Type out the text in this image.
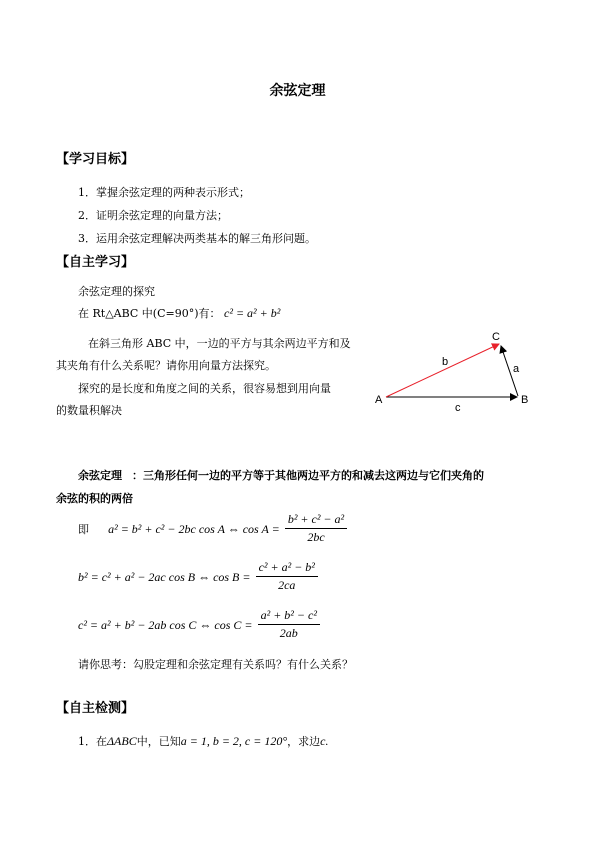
余弦定理
【学习目标】
1．掌握余弦定理的两种表示形式；
2．证明余弦定理的向量方法；
3．运用余弦定理解决两类基本的解三角形问题。
【自主学习】
余弦定理的探究
在 Rt△ABC 中(C=90°)有： c² = a² + b²
在斜三角形 ABC 中，一边的平方与其余两边平方和及
其夹角有什么关系呢？请你用向量方法探究。
探究的是长度和角度之间的关系，很容易想到用向量
的数量积解决
A	B
C
a
b
c
余弦定理 ：三角形任何一边的平方等于其他两边平方的和减去这两边与它们夹角的
余弦的积的两倍
即 a² = b² + c² − 2bc cos A ⇔ $\cos A = \frac{\text{b² + c² − a²}}{2bc}$
b² = c² + a² − 2ac cos B ⇔ $\cos B = \frac{\text{c² + a² − b²}}{2ca}$
c² = a² + b² − 2ab cos C ⇔ $\cos C = \frac{\text{a² + b² − c²}}{2ab}$
请你思考：勾股定理和余弦定理有关系吗？有什么关系？
【自主检测】
1．在ΔABC中，已知a = 1, b = 2, c = 120°，求边c.
